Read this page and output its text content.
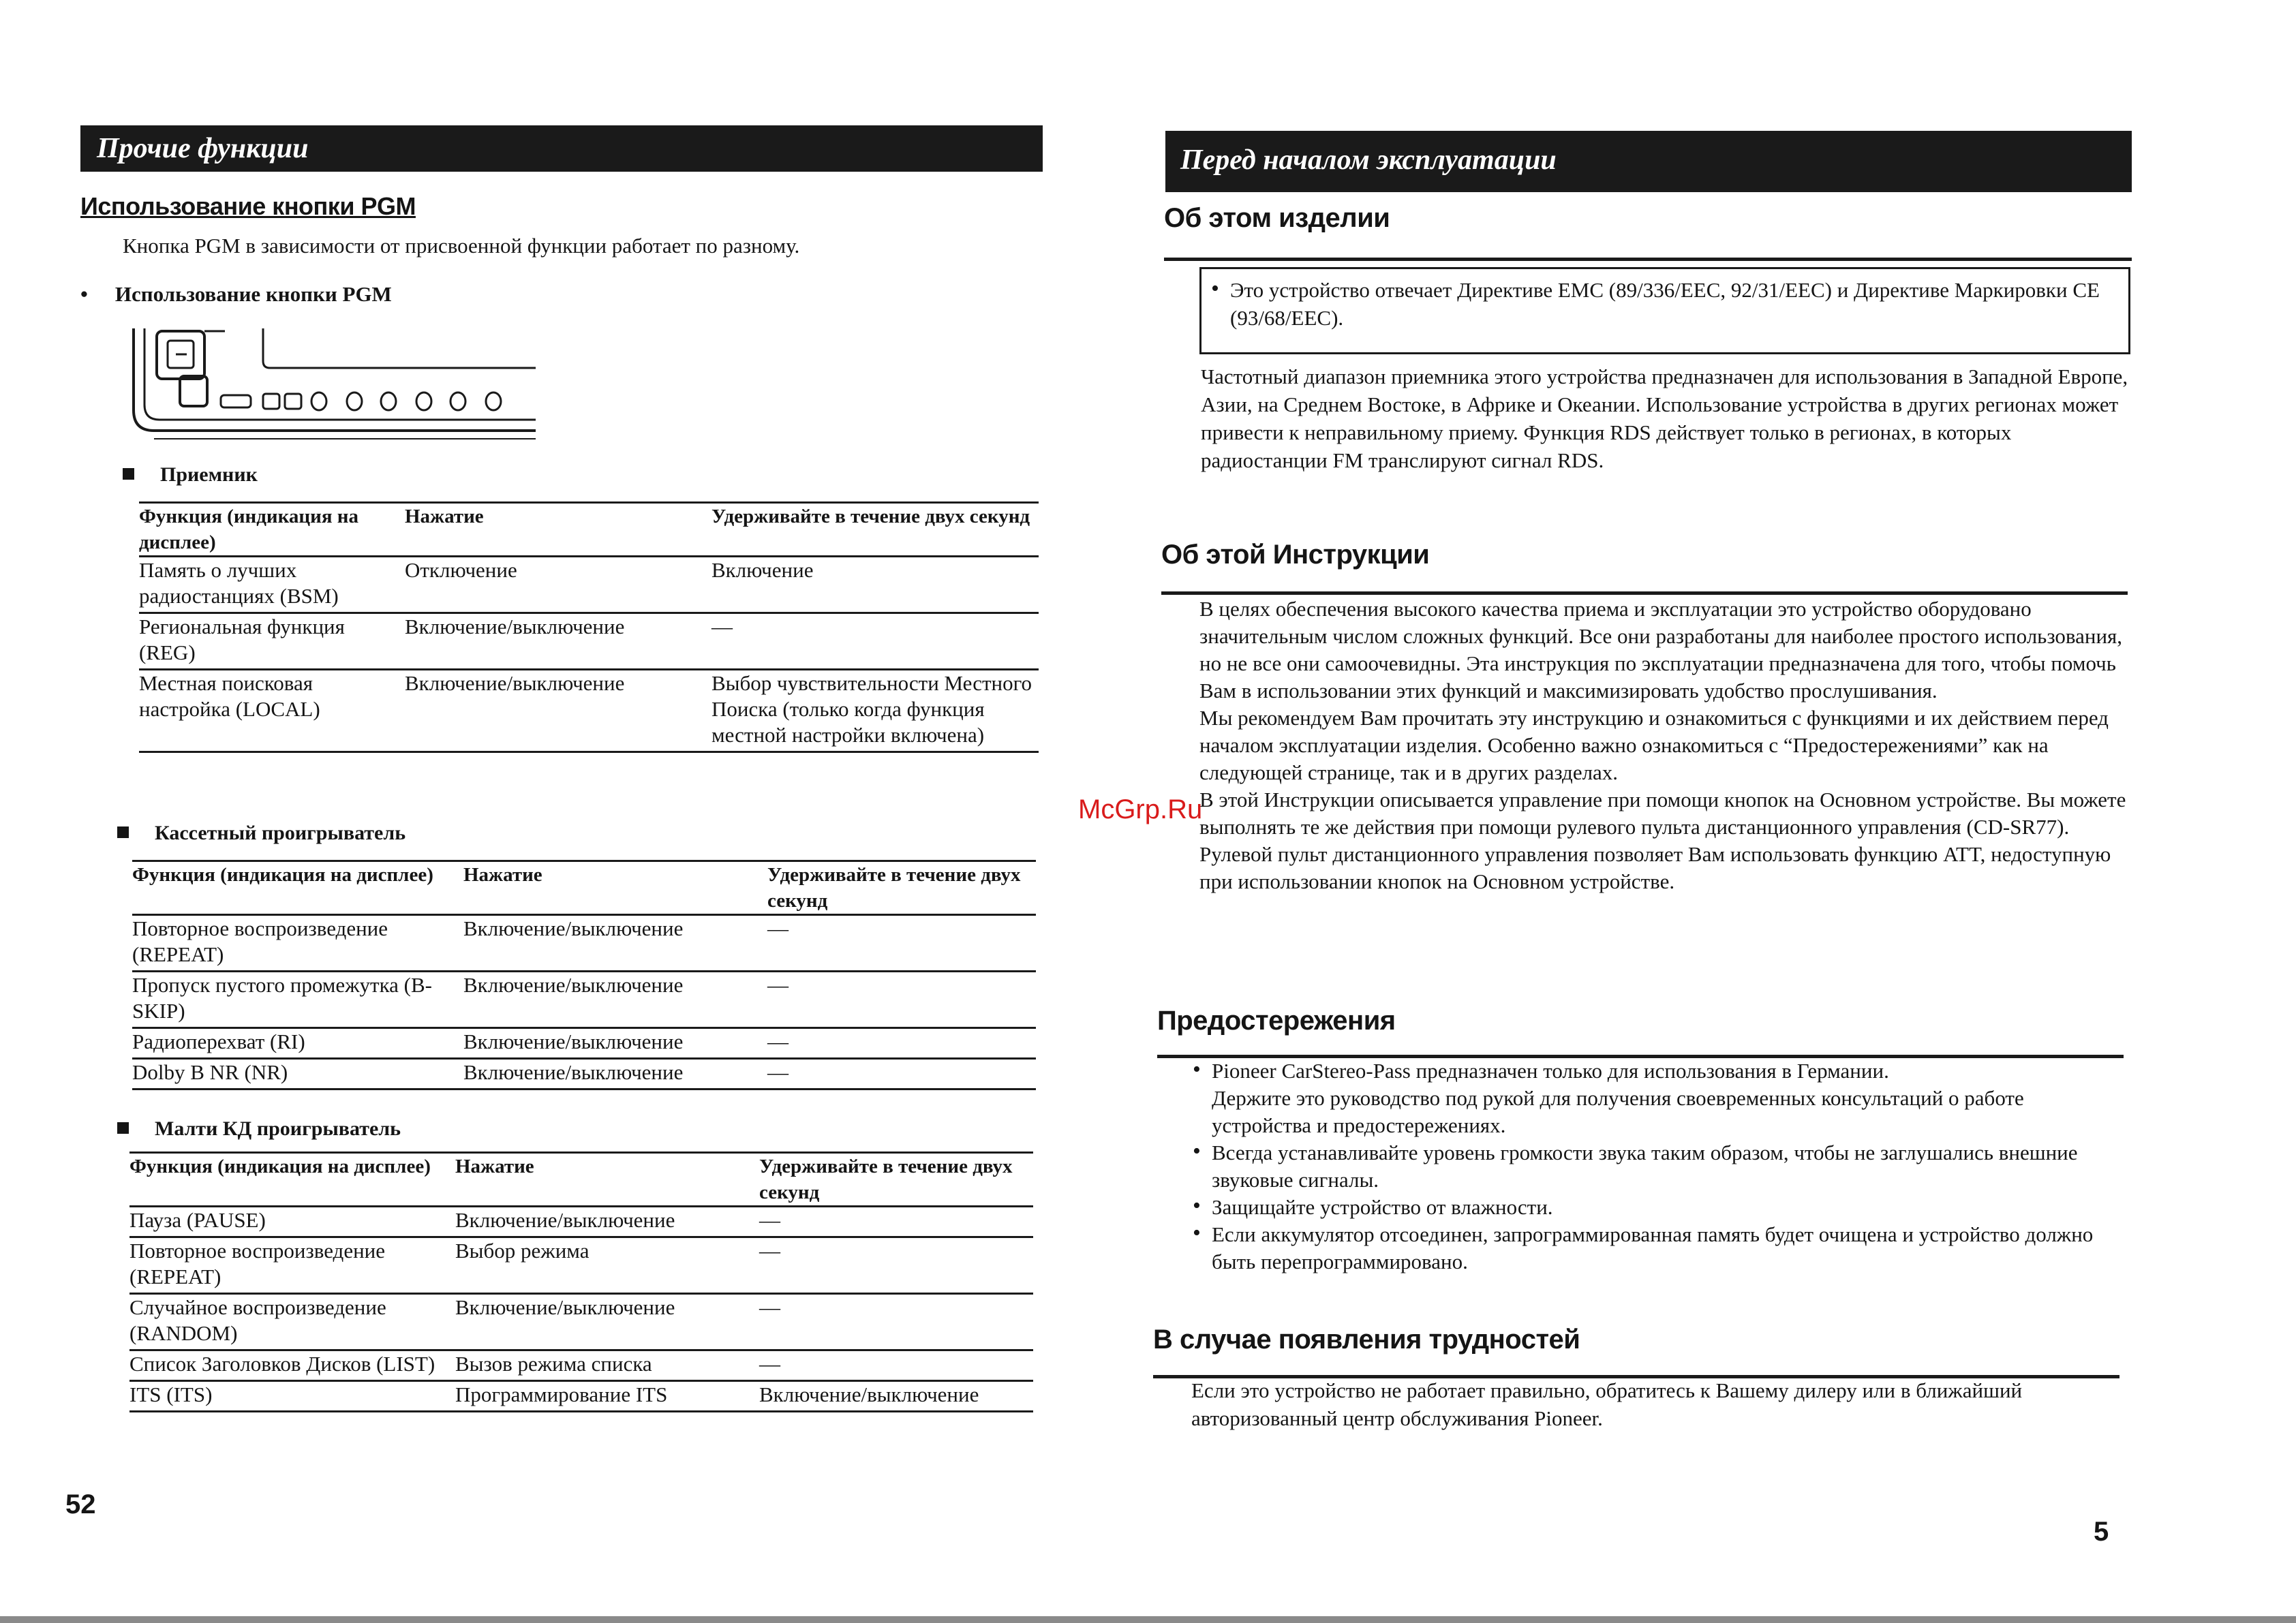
Прочие функции
Использование кнопки PGM
Кнопка PGM в зависимости от присвоенной функции работает по разному.
• Использование кнопки PGM
Приемник
Функция (индикация на дисплее)	Нажатие	Удерживайте в течение двух секунд
Память о лучших радиостанциях (BSM)	Отключение	Включение
Региональная функция (REG)	Включение/выключение	—
Местная поисковая настройка (LOCAL)	Включение/выключение	Выбор чувствительности Местного Поиска (только когда функция местной настройки включена)
Кассетный проигрыватель
Функция (индикация на дисплее)	Нажатие	Удерживайте в течение двух секунд
Повторное воспроизведение (REPEAT)	Включение/выключение	—
Пропуск пустого промежутка (B-SKIP)	Включение/выключение	—
Радиоперехват (RI)	Включение/выключение	—
Dolby B NR (NR)	Включение/выключение	—
Малти КД проигрыватель
Функция (индикация на дисплее)	Нажатие	Удерживайте в течение двух секунд
Пауза (PAUSE)	Включение/выключение	—
Повторное воспроизведение (REPEAT)	Выбор режима	—
Случайное воспроизведение (RANDOM)	Включение/выключение	—
Список Заголовков Дисков (LIST)	Вызов режима списка	—
ITS (ITS)	Программирование ITS	Включение/выключение
52
Перед началом эксплуатации
Об этом изделии
• Это устройство отвечает Директиве EMC (89/336/EEC, 92/31/EEC) и Директиве Маркировки CE (93/68/EEC).
Частотный диапазон приемника этого устройства предназначен для использования в Западной Европе, Азии, на Среднем Востоке, в Африке и Океании. Использование устройства в других регионах может привести к неправильному приему. Функция RDS действует только в регионах, в которых радиостанции FM транслируют сигнал RDS.
Об этой Инструкции

В целях обеспечения высокого качества приема и эксплуатации это устройство оборудовано значительным числом сложных функций. Все они разработаны для наиболее простого использования, но не все они самоочевидны. Эта инструкция по эксплуатации предназначена для того, чтобы помочь Вам в использовании этих функций и максимизировать удобство прослушивания.

Мы рекомендуем Вам прочитать эту инструкцию и ознакомиться с функциями и их действием перед началом эксплуатации изделия. Особенно важно ознакомиться с “Предостережениями” как на следующей странице, так и в других разделах.

В этой Инструкции описывается управление при помощи кнопок на Основном устройстве. Вы можете выполнять те же действия при помощи рулевого пульта дистанционного управления (CD-SR77). Рулевой пульт дистанционного управления позволяет Вам использовать функцию ATT, недоступную при использовании кнопок на Основном устройстве.

Предостережения
• Pioneer CarStereo-Pass предназначен только для использования в Германии.
Держите это руководство под рукой для получения своевременных консультаций о работе устройства и предостережениях.
• Всегда устанавливайте уровень громкости звука таким образом, чтобы не заглушались внешние звуковые сигналы.
• Защищайте устройство от влажности.
• Если аккумулятор отсоединен, запрограммированная память будет очищена и устройство должно быть перепрограммировано.
В случае появления трудностей
Если это устройство не работает правильно, обратитесь к Вашему дилеру или в ближайший авторизованный центр обслуживания Pioneer.
5
McGrp.Ru
